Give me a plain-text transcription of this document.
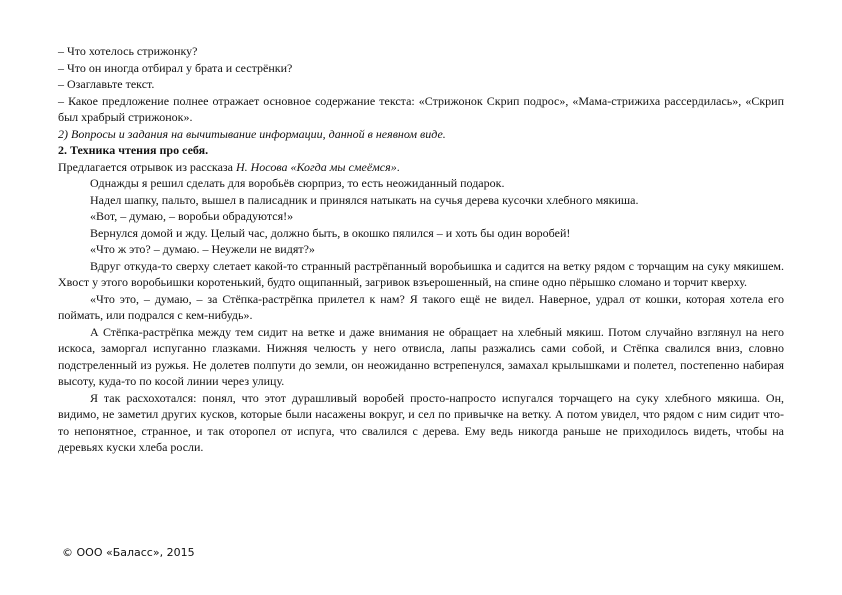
– Что хотелось стрижонку?

– Что он иногда отбирал у брата и сестрёнки?

– Озаглавьте текст.

– Какое предложение полнее отражает основное содержание текста: «Стрижонок Скрип подрос», «Мама-стрижиха рассердилась», «Скрип был храбрый стрижонок».

2) Вопросы и задания на вычитывание информации, данной в неявном виде.

2. Техника чтения про себя.

Предлагается отрывок из рассказа Н. Носова «Когда мы смеёмся».

Однажды я решил сделать для воробьёв сюрприз, то есть неожиданный подарок.

Надел шапку, пальто, вышел в палисадник и принялся натыкать на сучья дерева кусочки хлебного мякиша.

«Вот, – думаю, – воробьи обрадуются!»

Вернулся домой и жду. Целый час, должно быть, в окошко пялился – и хоть бы один воробей!

«Что ж это? – думаю. – Неужели не видят?»

Вдруг откуда-то сверху слетает какой-то странный растрёпанный воробьишка и садится на ветку рядом с торчащим на суку мякишем. Хвост у этого воробьишки коротенький, будто ощипанный, загривок взъерошенный, на спине одно пёрышко сломано и торчит кверху.

«Что это, – думаю, – за Стёпка-растрёпка прилетел к нам? Я такого ещё не видел. Наверное, удрал от кошки, которая хотела его поймать, или подрался с кем-нибудь».

А Стёпка-растрёпка между тем сидит на ветке и даже внимания не обращает на хлебный мякиш. Потом случайно взглянул на него искоса, заморгал испуганно глазками. Нижняя челюсть у него отвисла, лапы разжались сами собой, и Стёпка свалился вниз, словно подстреленный из ружья. Не долетев полпути до земли, он неожиданно встрепенулся, замахал крылышками и полетел, постепенно набирая высоту, куда-то по косой линии через улицу.

Я так расхохотался: понял, что этот дурашливый воробей просто-напросто испугался торчащего на суку хлебного мякиша. Он, видимо, не заметил других кусков, которые были насажены вокруг, и сел по привычке на ветку. А потом увидел, что рядом с ним сидит что-то непонятное, странное, и так оторопел от испуга, что свалился с дерева. Ему ведь никогда раньше не приходилось видеть, чтобы на деревьях куски хлеба росли.

© ООО «Баласс», 2015
